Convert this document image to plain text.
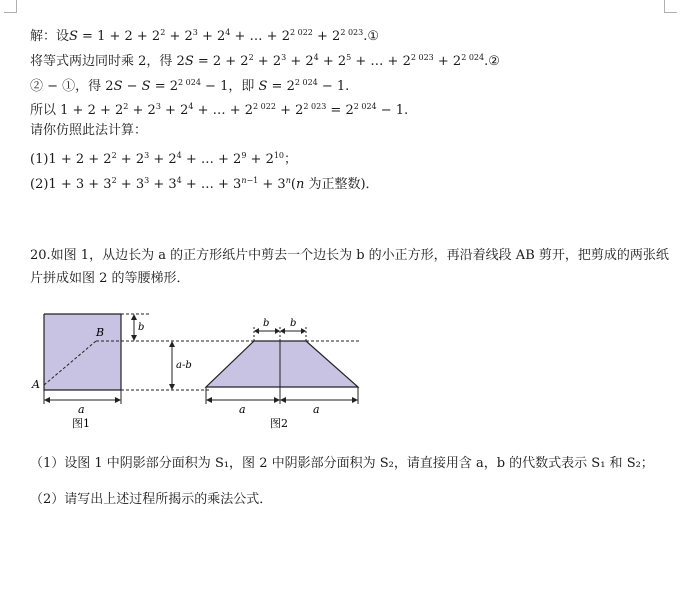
解：设$S = 1 + 2 + 2^2 + 2^3 + 2^4$ + … + $2^{2 022}$ + $2^{2 023}.①$
将等式两边同时乘 2，得 $2S = 2 + 2^2 + 2^3 + 2^4 + 2^5$ + … + $2^{2 023}$ + $2^{2 024}.②$
② − ①，得 $2S - S = 2^{2 024} - 1$，即 $S = 2^{2 024} - 1$.
所以 $1 + 2 + 2^2 + 2^3 + 2^4$ + … + $2^{2 022} + 2^{2 023} = 2^{2 024} - 1$.
请你仿照此法计算：
$(1)1 + 2 + 2^2 + 2^3 + 2^4$ + … + $2^9 + 2^{10}$；
$(2)1 + 3 + 3^2 + 3^3 + 3^4$ + … + $3^{n-1} + 3^n(n$ 为正整数)．
20.如图 1，从边长为 a 的正方形纸片中剪去一个边长为 b 的小正方形，再沿着线段 AB 剪开，把剪成的两张纸片拼成如图 2 的等腰梯形．
B
A
b
a-b
a
图1
b b
a	a
图2
（1）设图 1 中阴影部分面积为 S₁，图 2 中阴影部分面积为 S₂，请直接用含 a，b 的代数式表示 S₁ 和 S₂；
（2）请写出上述过程所揭示的乘法公式．
